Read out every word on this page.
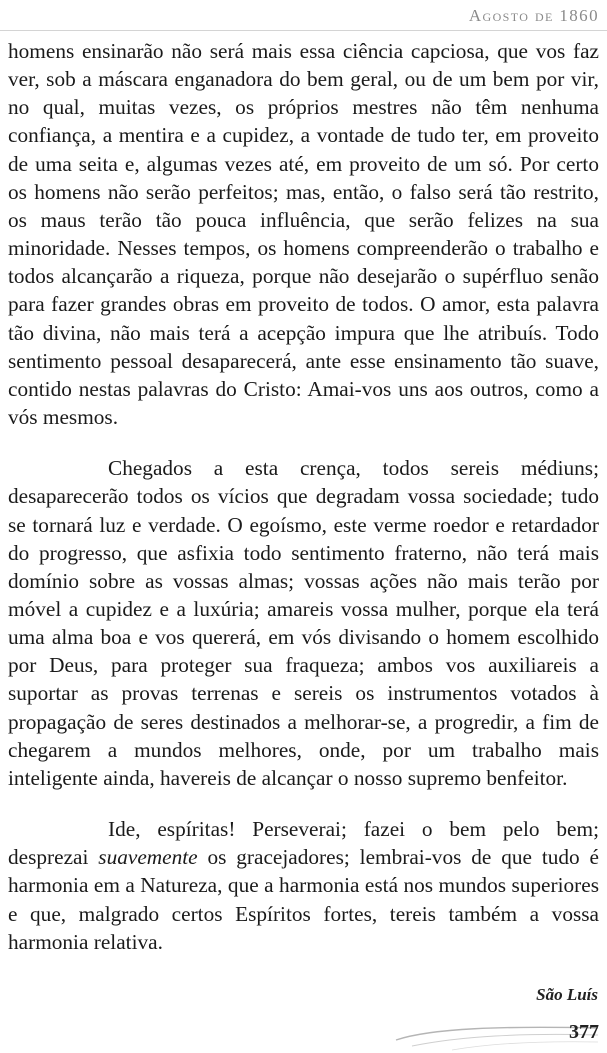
Agosto de 1860

homens ensinarão não será mais essa ciência capciosa, que vos faz ver, sob a máscara enganadora do bem geral, ou de um bem por vir, no qual, muitas vezes, os próprios mestres não têm nenhuma confiança, a mentira e a cupidez, a vontade de tudo ter, em proveito de uma seita e, algumas vezes até, em proveito de um só. Por certo os homens não serão perfeitos; mas, então, o falso será tão restrito, os maus terão tão pouca influência, que serão felizes na sua minoridade. Nesses tempos, os homens compreenderão o trabalho e todos alcançarão a riqueza, porque não desejarão o supérfluo senão para fazer grandes obras em proveito de todos. O amor, esta palavra tão divina, não mais terá a acepção impura que lhe atribuís. Todo sentimento pessoal desaparecerá, ante esse ensinamento tão suave, contido nestas palavras do Cristo: Amai-vos uns aos outros, como a vós mesmos.

Chegados a esta crença, todos sereis médiuns; desaparecerão todos os vícios que degradam vossa sociedade; tudo se tornará luz e verdade. O egoísmo, este verme roedor e retardador do progresso, que asfixia todo sentimento fraterno, não terá mais domínio sobre as vossas almas; vossas ações não mais terão por móvel a cupidez e a luxúria; amareis vossa mulher, porque ela terá uma alma boa e vos quererá, em vós divisando o homem escolhido por Deus, para proteger sua fraqueza; ambos vos auxiliareis a suportar as provas terrenas e sereis os instrumentos votados à propagação de seres destinados a melhorar-se, a progredir, a fim de chegarem a mundos melhores, onde, por um trabalho mais inteligente ainda, havereis de alcançar o nosso supremo benfeitor.

Ide, espíritas! Perseverai; fazei o bem pelo bem; desprezai suavemente os gracejadores; lembrai-vos de que tudo é harmonia em a Natureza, que a harmonia está nos mundos superiores e que, malgrado certos Espíritos fortes, tereis também a vossa harmonia relativa.

São Luís
377
